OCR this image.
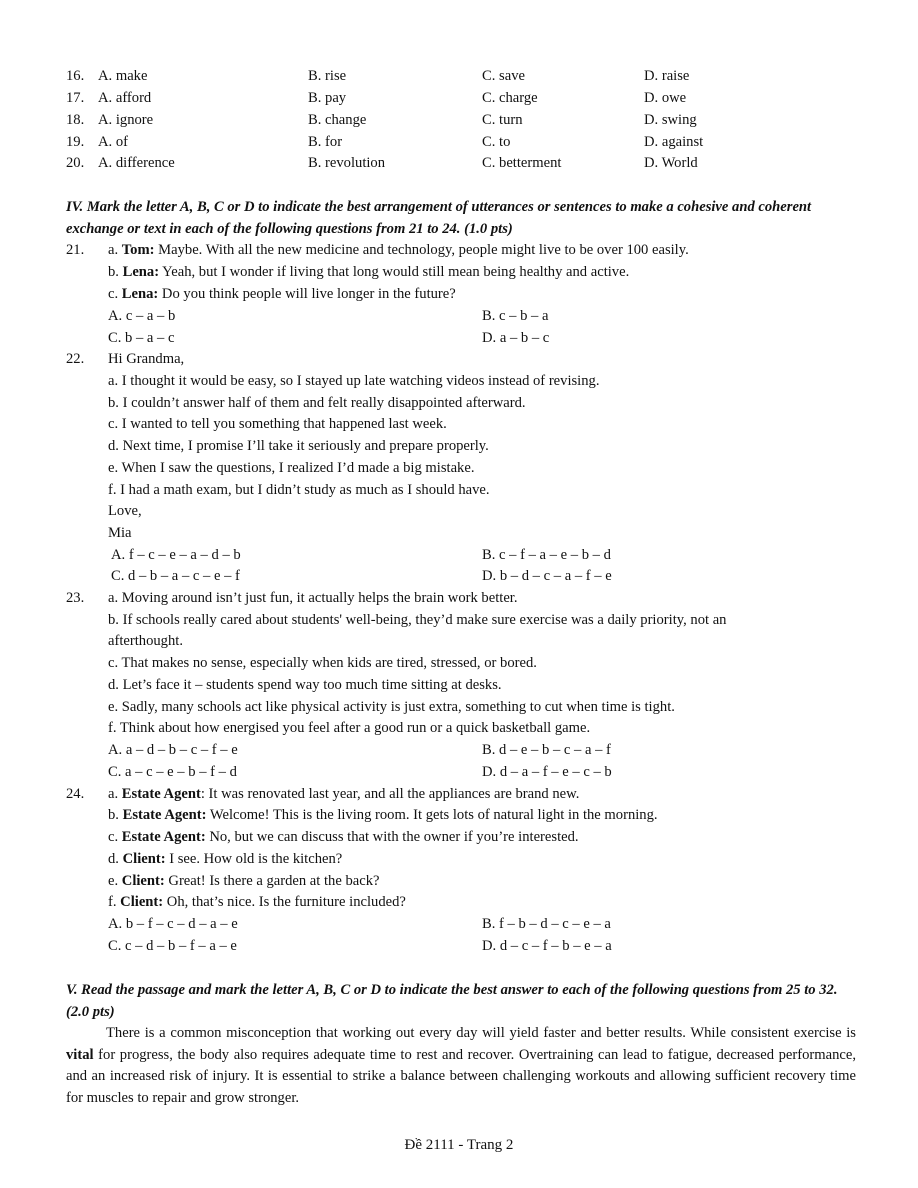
16. A. make	B. rise	C. save	D. raise
17. A. afford	B. pay	C. charge	D. owe
18. A. ignore	B. change	C. turn	D. swing
19. A. of	B. for	C. to	D. against
20. A. difference	B. revolution	C. betterment	D. World
IV. Mark the letter A, B, C or D to indicate the best arrangement of utterances or sentences to make a cohesive and coherent exchange or text in each of the following questions from 21 to 24. (1.0 pts)
21. a. Tom: Maybe. With all the new medicine and technology, people might live to be over 100 easily.
b. Lena: Yeah, but I wonder if living that long would still mean being healthy and active.
c. Lena: Do you think people will live longer in the future?
A. c – a – b	B. c – b – a
C. b – a – c	D. a – b – c
22. Hi Grandma,
a. I thought it would be easy, so I stayed up late watching videos instead of revising.
b. I couldn’t answer half of them and felt really disappointed afterward.
c. I wanted to tell you something that happened last week.
d. Next time, I promise I’ll take it seriously and prepare properly.
e. When I saw the questions, I realized I’d made a big mistake.
f. I had a math exam, but I didn’t study as much as I should have.
Love,
Mia
A. f – c – e – a – d – b	B. c – f – a – e – b – d
C. d – b – a – c – e – f	D. b – d – c – a – f – e
23. a. Moving around isn’t just fun, it actually helps the brain work better.
b. If schools really cared about students' well-being, they’d make sure exercise was a daily priority, not an
afterthought.
c. That makes no sense, especially when kids are tired, stressed, or bored.
d. Let’s face it – students spend way too much time sitting at desks.
e. Sadly, many schools act like physical activity is just extra, something to cut when time is tight.
f. Think about how energised you feel after a good run or a quick basketball game.
A. a – d – b – c – f – e	B. d – e – b – c – a – f
C. a – c – e – b – f – d	D. d – a – f – e – c – b
24. a. Estate Agent: It was renovated last year, and all the appliances are brand new.
b. Estate Agent: Welcome! This is the living room. It gets lots of natural light in the morning.
c. Estate Agent: No, but we can discuss that with the owner if you’re interested.
d. Client: I see. How old is the kitchen?
e. Client: Great! Is there a garden at the back?
f. Client: Oh, that’s nice. Is the furniture included?
A. b – f – c – d – a – e	B. f – b – d – c – e – a
C. c – d – b – f – a – e	D. d – c – f – b – e – a
V. Read the passage and mark the letter A, B, C or D to indicate the best answer to each of the following questions from 25 to 32. (2.0 pts)
There is a common misconception that working out every day will yield faster and better results. While consistent exercise is vital for progress, the body also requires adequate time to rest and recover. Overtraining can lead to fatigue, decreased performance, and an increased risk of injury. It is essential to strike a balance between challenging workouts and allowing sufficient recovery time for muscles to repair and grow stronger.
Đề 2111 - Trang 2
